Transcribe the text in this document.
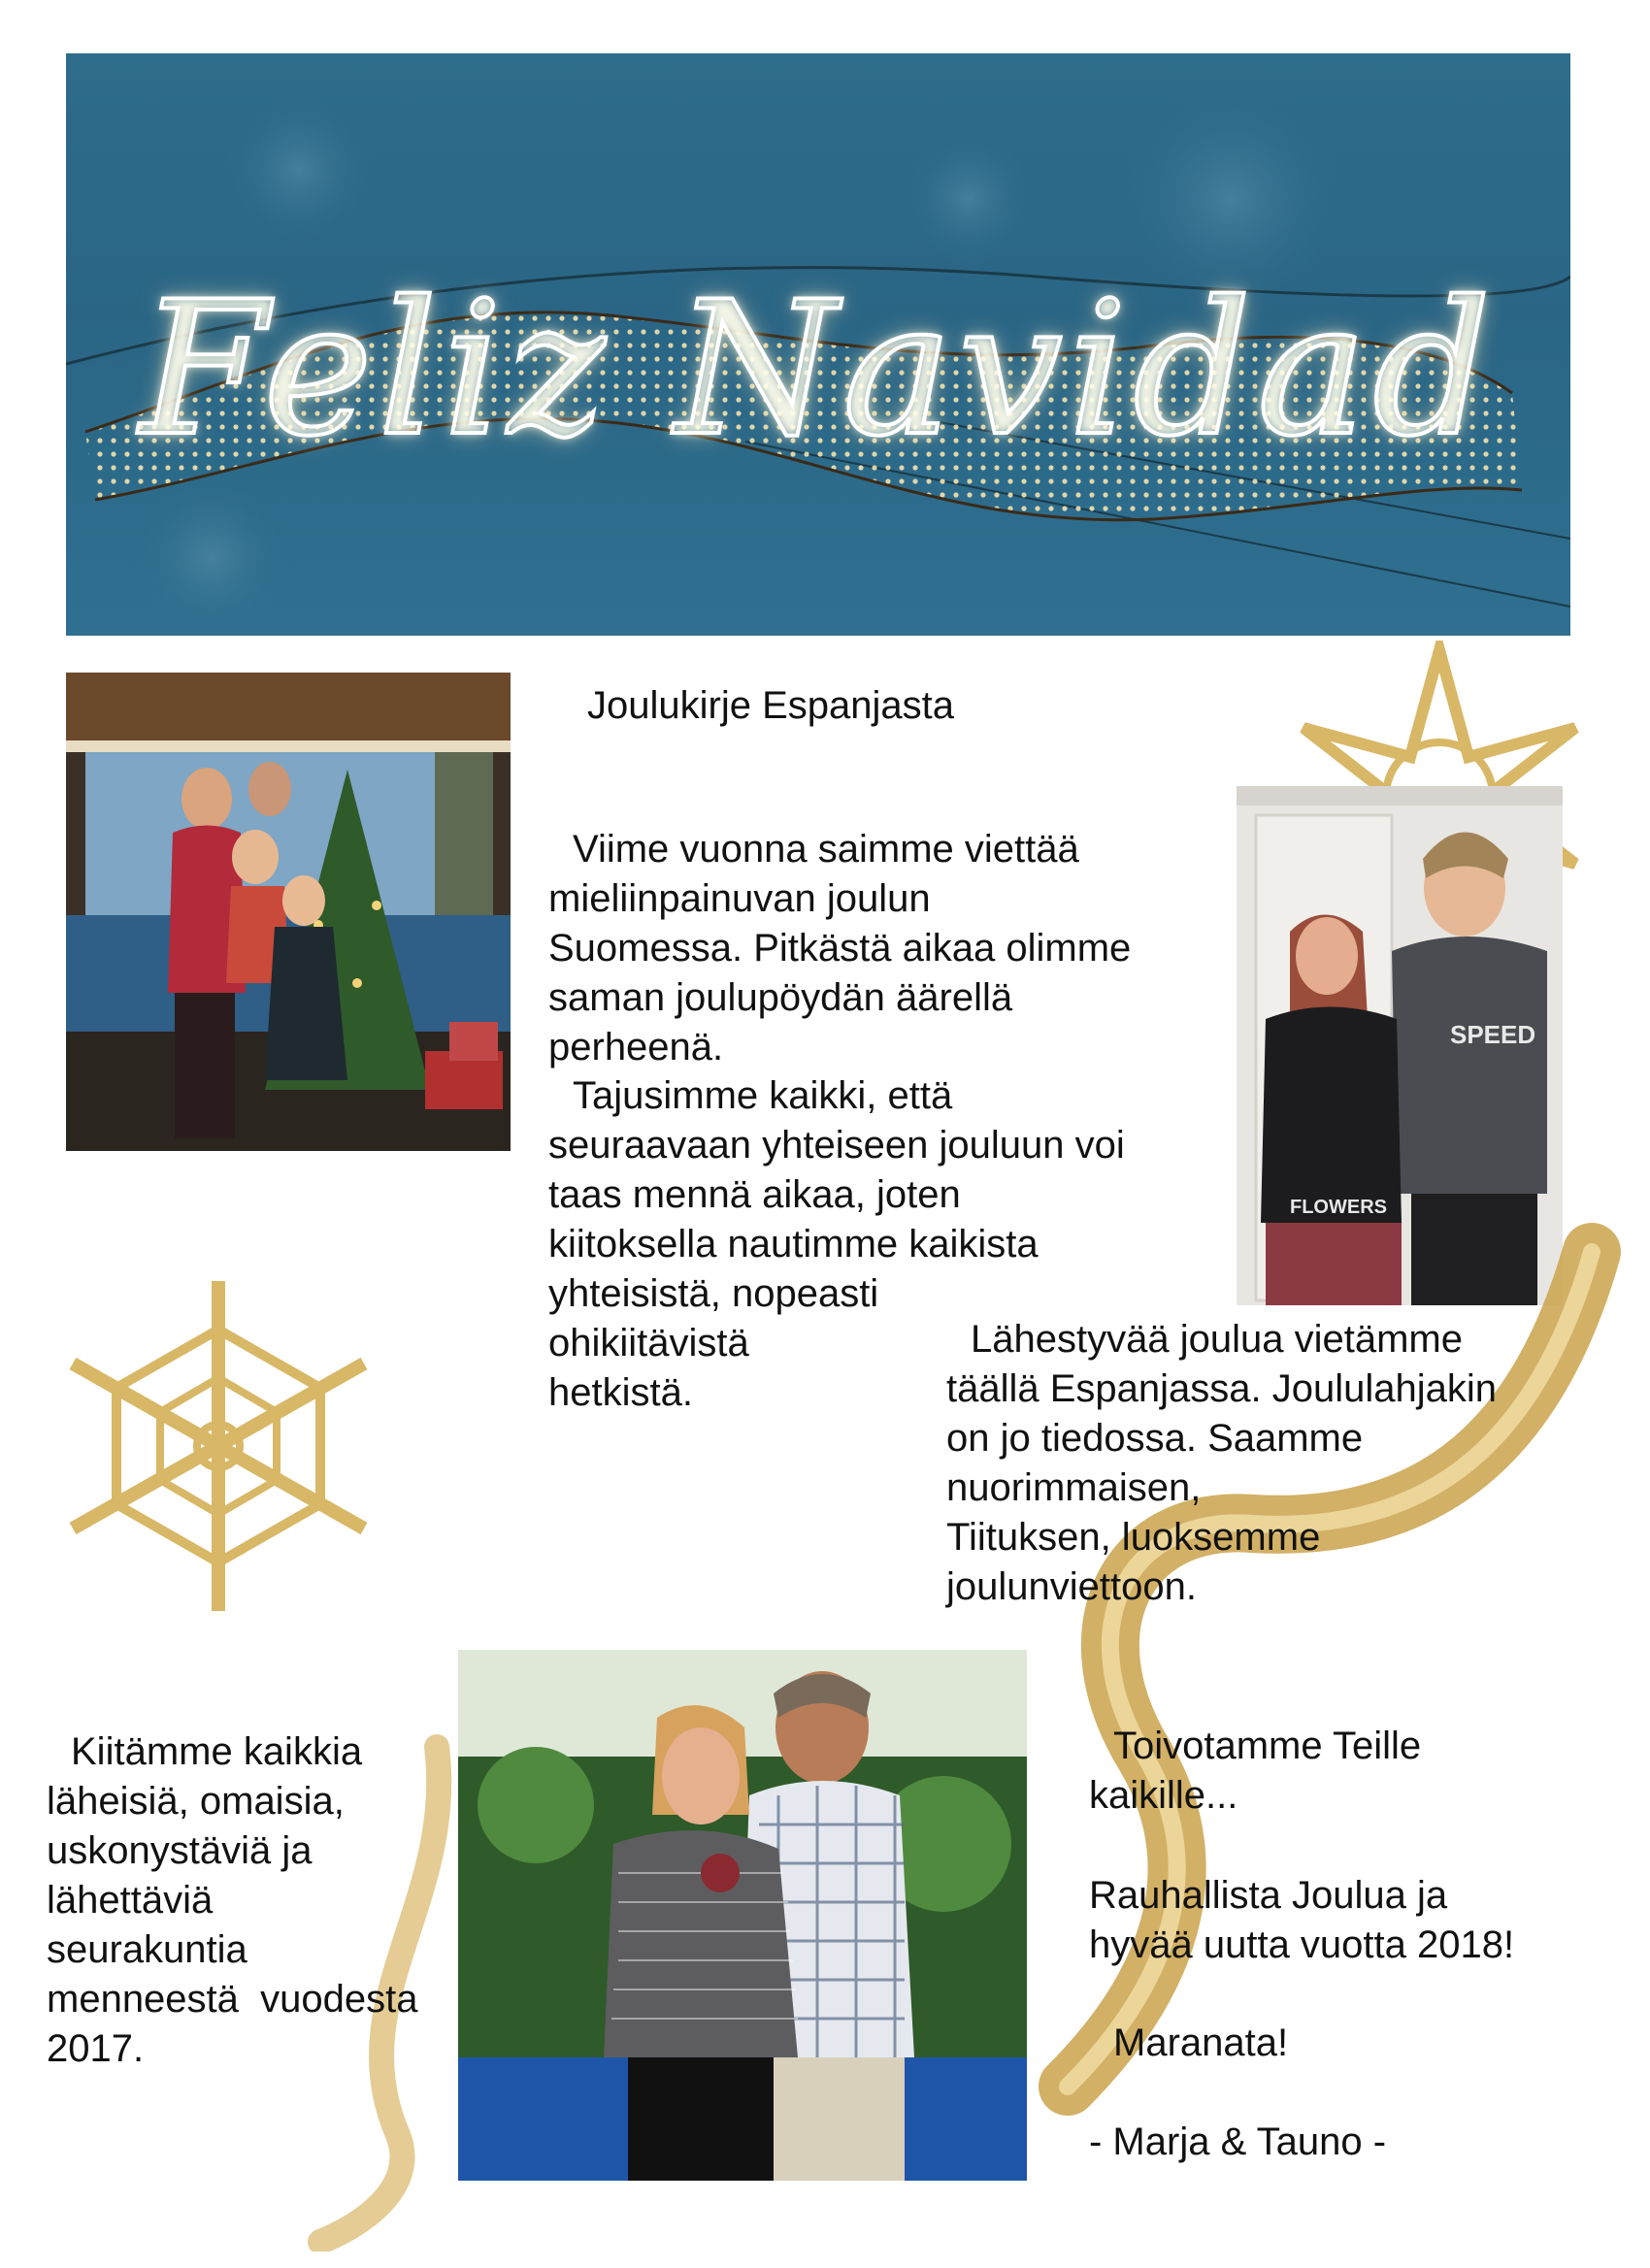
Feliz Navidad
Joulukirje Espanjasta
Viime vuonna saimme viettää
mieliinpainuvan joulun
Suomessa. Pitkästä aikaa olimme
saman joulupöydän äärellä
perheenä.
Tajusimme kaikki, että
seuraavaan yhteiseen jouluun voi
taas mennä aikaa, joten
kiitoksella nautimme kaikista
yhteisistä, nopeasti
ohikiitävistä
hetkistä.
SPEED
FLOWERS
Lähestyvää joulua vietämme
täällä Espanjassa. Joululahjakin
on jo tiedossa. Saamme
nuorimmaisen,
Tiituksen, luoksemme
joulunviettoon.
Kiitämme kaikkia
läheisiä, omaisia,
uskonystäviä ja
lähettäviä
seurakuntia
menneestä  vuodesta
2017.
Toivotamme Teille
kaikille...
Rauhallista Joulua ja
hyvää uutta vuotta 2018!
Maranata!
- Marja & Tauno -
